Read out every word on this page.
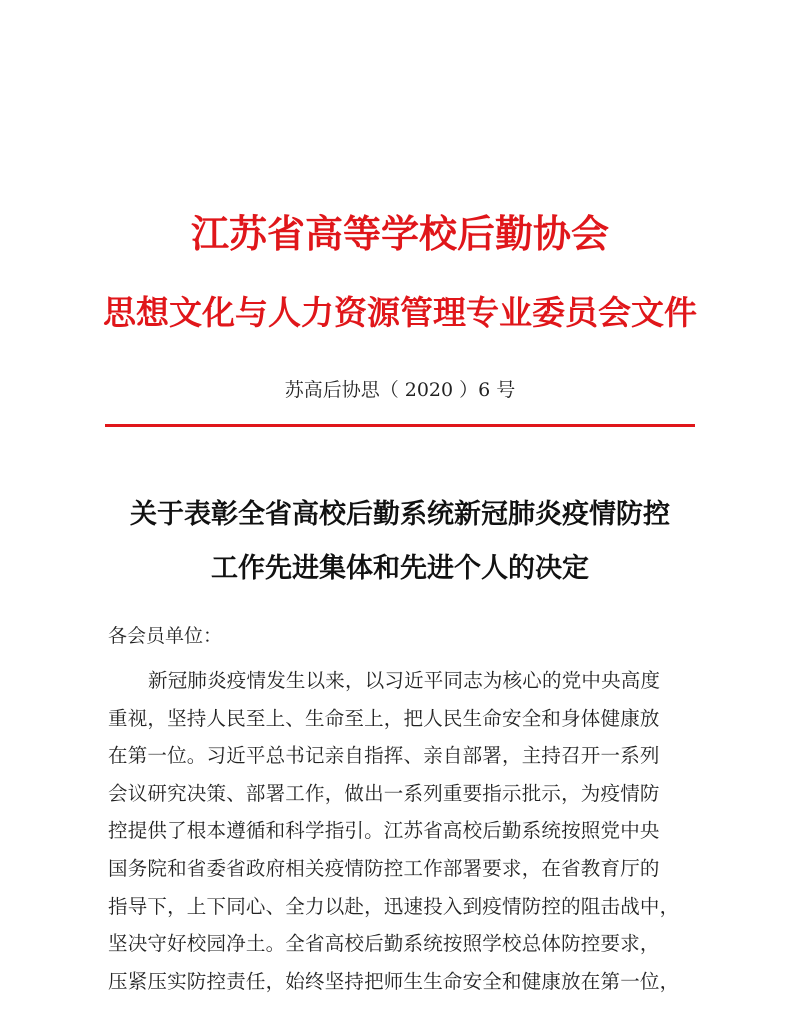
江苏省高等学校后勤协会
思想文化与人力资源管理专业委员会文件
苏高后协思（ 2020 ）6 号
关于表彰全省高校后勤系统新冠肺炎疫情防控
工作先进集体和先进个人的决定
各会员单位：
新冠肺炎疫情发生以来，以习近平同志为核心的党中央高度
重视，坚持人民至上、生命至上，把人民生命安全和身体健康放
在第一位。习近平总书记亲自指挥、亲自部署，主持召开一系列
会议研究决策、部署工作，做出一系列重要指示批示，为疫情防
控提供了根本遵循和科学指引。江苏省高校后勤系统按照党中央
国务院和省委省政府相关疫情防控工作部署要求，在省教育厅的
指导下，上下同心、全力以赴，迅速投入到疫情防控的阻击战中，
坚决守好校园净土。全省高校后勤系统按照学校总体防控要求，
压紧压实防控责任，始终坚持把师生生命安全和健康放在第一位，
